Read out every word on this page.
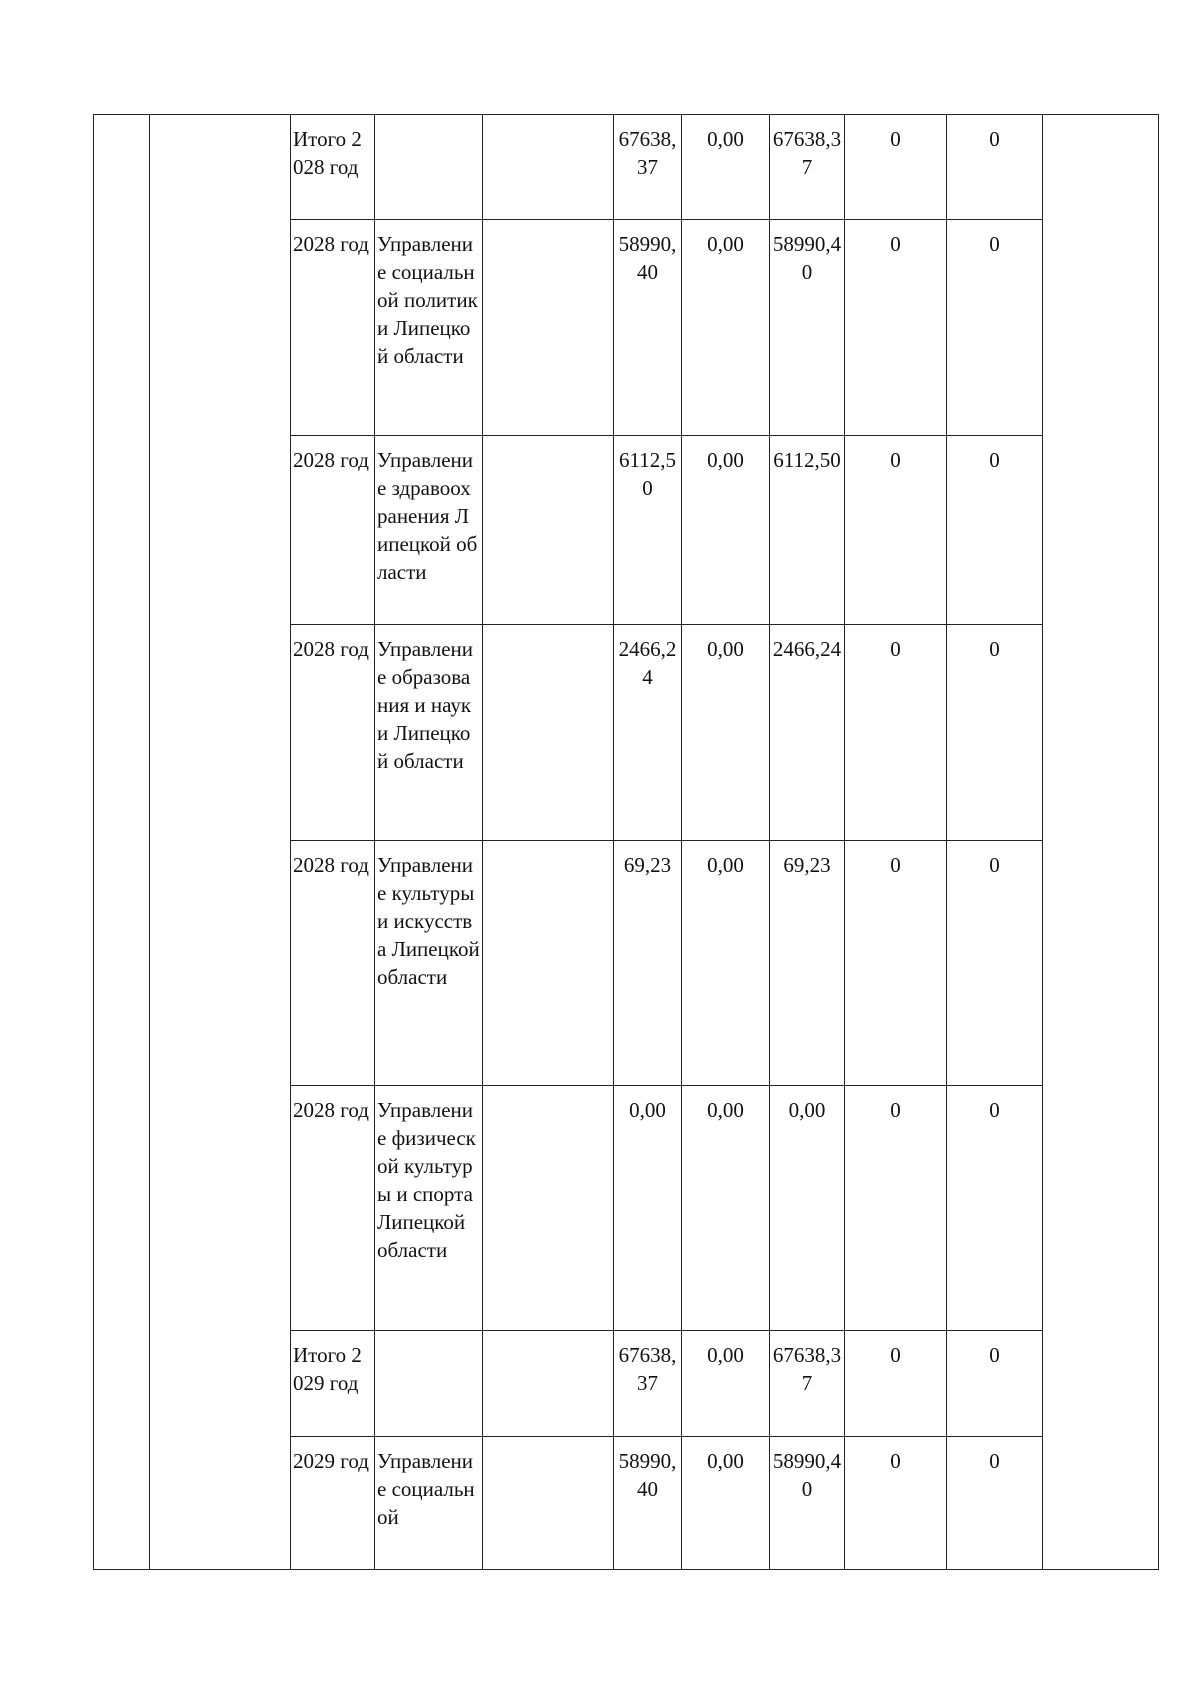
		Итого 2028 год			67638,37	0,00	67638,37	0	0	
		2028 год	Управление социальной политики Липецкой области		58990,40	0,00	58990,40	0	0	
		2028 год	Управление здравоохранения Липецкой области		6112,50	0,00	6112,50	0	0	
		2028 год	Управление образования и науки Липецкой области		2466,24	0,00	2466,24	0	0	
		2028 год	Управление культуры и искусства Липецкой области		69,23	0,00	69,23	0	0	
		2028 год	Управление физической культуры и спорта Липецкой области		0,00	0,00	0,00	0	0	
		Итого 2029 год			67638,37	0,00	67638,37	0	0	
		2029 год	Управление социальной		58990,40	0,00	58990,40	0	0	
